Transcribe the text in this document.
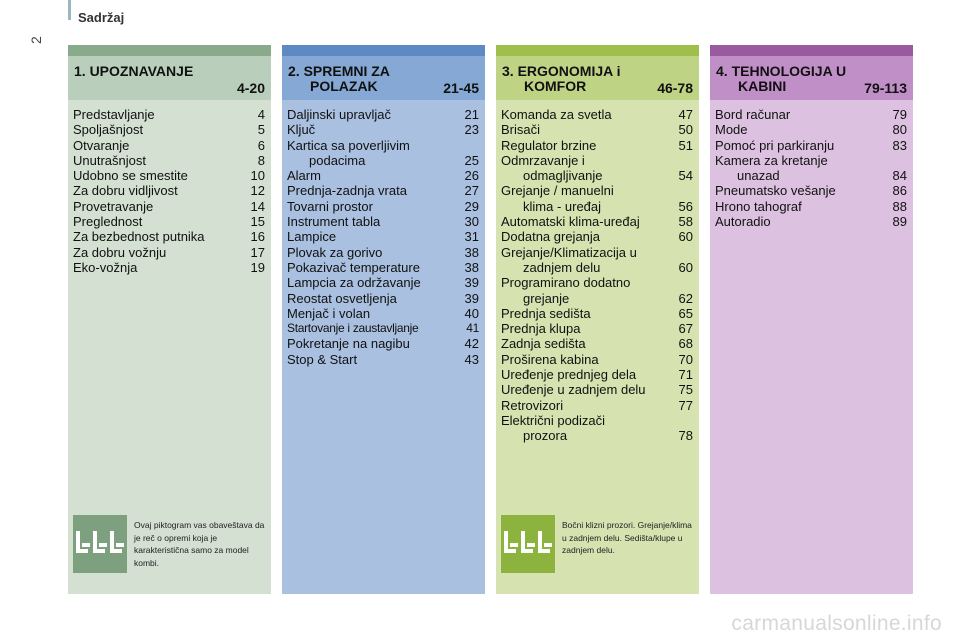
Sadržaj
2
1. UPOZNAVANJE
4-20
Predstavljanje	4
Spoljašnjost	5
Otvaranje	6
Unutrašnjost	8
Udobno se smestite	10
Za dobru vidljivost	12
Provetravanje	14
Preglednost	15
Za bezbednost putnika	16
Za dobru vožnju	17
Eko-vožnja	19
Ovaj piktogram vas obaveštava da je reč o opremi koja je karakteristična samo za model kombi.
2. SPREMNI ZA
POLAZAK	21-45
Daljinski upravljač	21
Ključ	23
Kartica sa poverljivim
podacima	25
Alarm	26
Prednja-zadnja vrata	27
Tovarni prostor	29
Instrument tabla	30
Lampice	31
Plovak za gorivo	38
Pokazivač temperature	38
Lampcia za održavanje	39
Reostat osvetljenja	39
Menjač i volan	40
Startovanje i zaustavljanje	41
Pokretanje na nagibu	42
Stop & Start	43
3. ERGONOMIJA i
KOMFOR	46-78
Komanda za svetla	47
Brisači	50
Regulator brzine	51
Odmrzavanje i
odmagljivanje	54
Grejanje / manuelni
klima - uređaj	56
Automatski klima-uređaj	58
Dodatna grejanja	60
Grejanje/Klimatizacija u
zadnjem delu	60
Programirano dodatno
grejanje	62
Prednja sedišta	65
Prednja klupa	67
Zadnja sedišta	68
Proširena kabina	70
Uređenje prednjeg dela	71
Uređenje u zadnjem delu	75
Retrovizori	77
Električni podizači
prozora	78
Bočni klizni prozori. Grejanje/klima u zadnjem delu. Sedišta/klupe u zadnjem delu.
4. TEHNOLOGIJA U
KABINI	79-113
Bord računar	79
Mode	80
Pomoć pri parkiranju	83
Kamera za kretanje
unazad	84
Pneumatsko vešanje	86
Hrono tahograf	88
Autoradio	89
carmanualsonline.info
